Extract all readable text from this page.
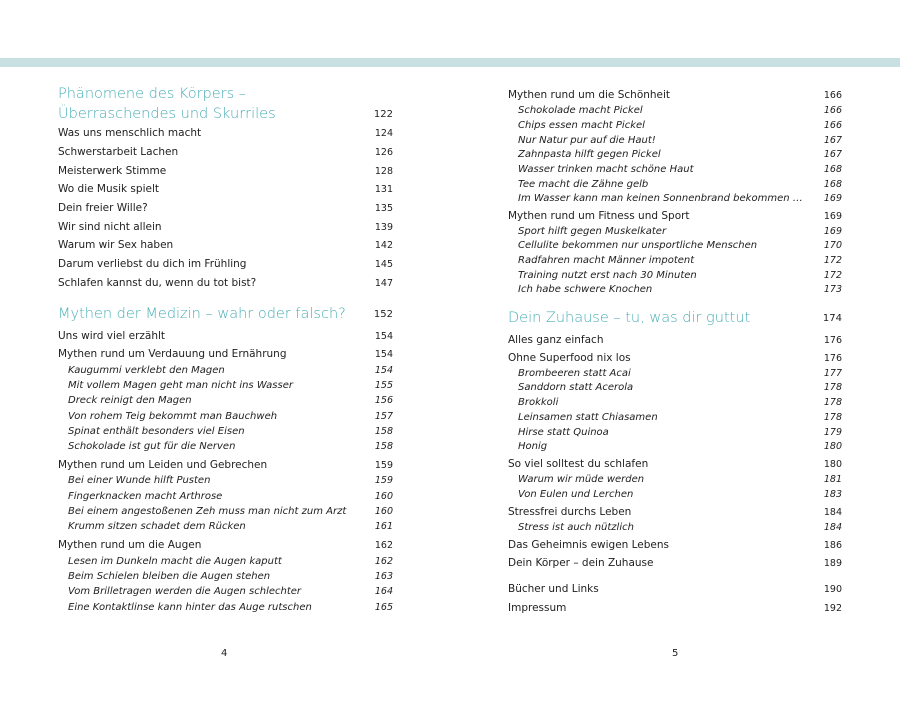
Phänomene des Körpers –
Überraschendes und Skurriles	122
Was uns menschlich macht	124
Schwerstarbeit Lachen	126
Meisterwerk Stimme	128
Wo die Musik spielt	131
Dein freier Wille?	135
Wir sind nicht allein	139
Warum wir Sex haben	142
Darum verliebst du dich im Frühling	145
Schlafen kannst du, wenn du tot bist?	147
Mythen der Medizin – wahr oder falsch?	152
Uns wird viel erzählt	154
Mythen rund um Verdauung und Ernährung	154
Kaugummi verklebt den Magen	154
Mit vollem Magen geht man nicht ins Wasser	155
Dreck reinigt den Magen	156
Von rohem Teig bekommt man Bauchweh	157
Spinat enthält besonders viel Eisen	158
Schokolade ist gut für die Nerven	158
Mythen rund um Leiden und Gebrechen	159
Bei einer Wunde hilft Pusten	159
Fingerknacken macht Arthrose	160
Bei einem angestoßenen Zeh muss man nicht zum Arzt	160
Krumm sitzen schadet dem Rücken	161
Mythen rund um die Augen	162
Lesen im Dunkeln macht die Augen kaputt	162
Beim Schielen bleiben die Augen stehen	163
Vom Brilletragen werden die Augen schlechter	164
Eine Kontaktlinse kann hinter das Auge rutschen	165
Mythen rund um die Schönheit	166
Schokolade macht Pickel	166
Chips essen macht Pickel	166
Nur Natur pur auf die Haut!	167
Zahnpasta hilft gegen Pickel	167
Wasser trinken macht schöne Haut	168
Tee macht die Zähne gelb	168
Im Wasser kann man keinen Sonnenbrand bekommen … 169
Mythen rund um Fitness und Sport	169
Sport hilft gegen Muskelkater	169
Cellulite bekommen nur unsportliche Menschen	170
Radfahren macht Männer impotent	172
Training nutzt erst nach 30 Minuten	172
Ich habe schwere Knochen	173
Dein Zuhause – tu, was dir guttut	174
Alles ganz einfach	176
Ohne Superfood nix los	176
Brombeeren statt Acai	177
Sanddorn statt Acerola	178
Brokkoli	178
Leinsamen statt Chiasamen	178
Hirse statt Quinoa	179
Honig	180
So viel solltest du schlafen	180
Warum wir müde werden	181
Von Eulen und Lerchen	183
Stressfrei durchs Leben	184
Stress ist auch nützlich	184
Das Geheimnis ewigen Lebens	186
Dein Körper – dein Zuhause	189
Bücher und Links	190
Impressum	192
4	5
